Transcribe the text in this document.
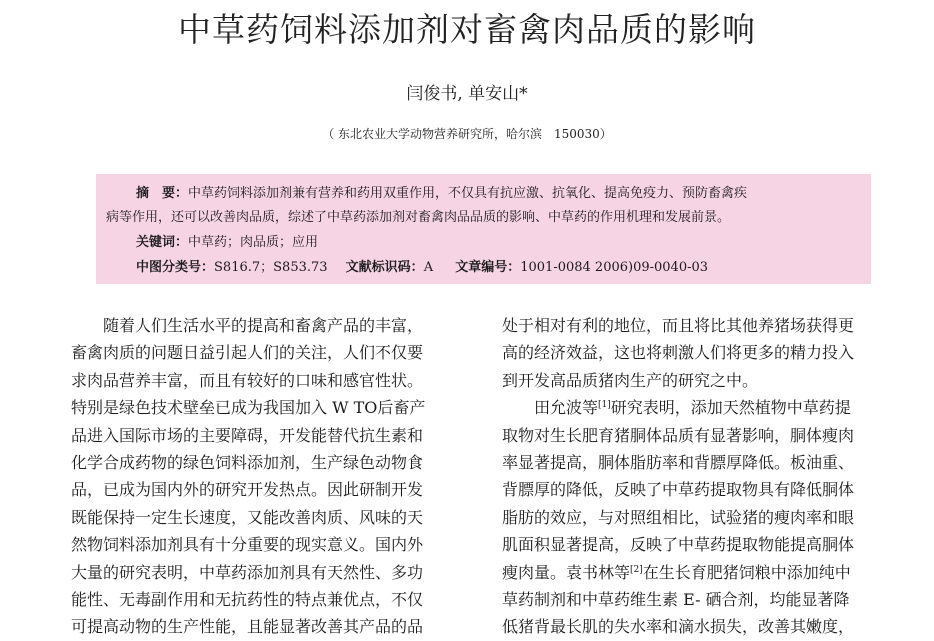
中草药饲料添加剂对畜禽肉品质的影响
闫俊书, 单安山*
（ 东北农业大学动物营养研究所，哈尔滨　150030）
摘　要：中草药饲料添加剂兼有营养和药用双重作用，不仅具有抗应激、抗氧化、提高免疫力、预防畜禽疾
病等作用，还可以改善肉品质，综述了中草药添加剂对畜禽肉品品质的影响、中草药的作用机理和发展前景。
关键词：中草药；肉品质；应用
中图分类号：S816.7；S853.73 文献标识码：A 文章编号：1001-0084 2006)09-0040-03
　　随着人们生活水平的提高和畜禽产品的丰富，
畜禽肉质的问题日益引起人们的关注，人们不仅要
求肉品营养丰富，而且有较好的口味和感官性状。
特别是绿色技术壁垒已成为我国加入 W TO后畜产
品进入国际市场的主要障碍，开发能替代抗生素和
化学合成药物的绿色饲料添加剂，生产绿色动物食
品，已成为国内外的研究开发热点。因此研制开发
既能保持一定生长速度，又能改善肉质、风味的天
然物饲料添加剂具有十分重要的现实意义。国内外
大量的研究表明，中草药添加剂具有天然性、多功
能性、无毒副作用和无抗药性的特点兼优点，不仅
可提高动物的生产性能，且能显著改善其产品的品
处于相对有利的地位，而且将比其他养猪场获得更
高的经济效益，这也将刺激人们将更多的精力投入
到开发高品质猪肉生产的研究之中。
　　田允波等[1]研究表明，添加天然植物中草药提
取物对生长肥育猪胴体品质有显著影响，胴体瘦肉
率显著提高，胴体脂肪率和背膘厚降低。板油重、
背膘厚的降低，反映了中草药提取物具有降低胴体
脂肪的效应，与对照组相比，试验猪的瘦肉率和眼
肌面积显著提高，反映了中草药提取物能提高胴体
瘦肉量。袁书林等[2]在生长育肥猪饲粮中添加纯中
草药制剂和中草药维生素 E- 硒合剂，均能显著降
低猪背最长肌的失水率和滴水损失，改善其嫩度，
